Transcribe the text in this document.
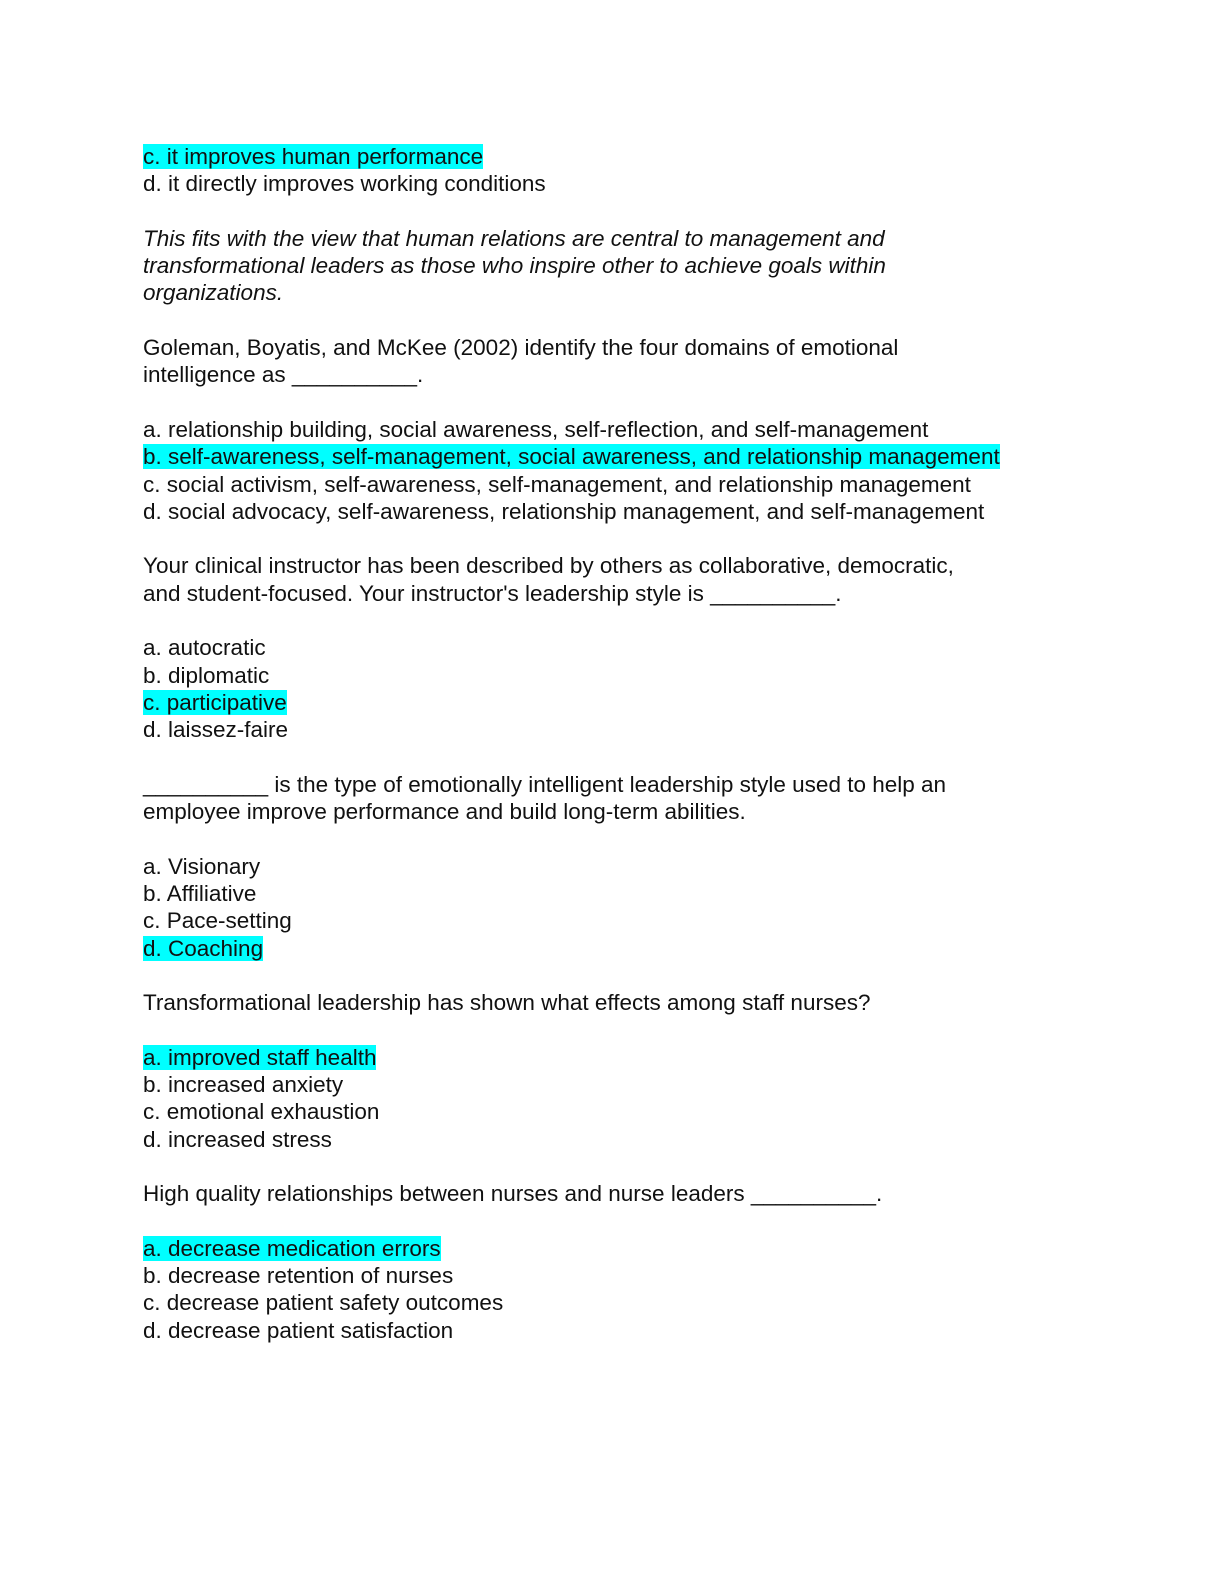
c. it improves human performance
d. it directly improves working conditions
This fits with the view that human relations are central to management and
transformational leaders as those who inspire other to achieve goals within
organizations.
Goleman, Boyatis, and McKee (2002) identify the four domains of emotional
intelligence as __________.
a. relationship building, social awareness, self-reflection, and self-management
b. self-awareness, self-management, social awareness, and relationship management
c. social activism, self-awareness, self-management, and relationship management
d. social advocacy, self-awareness, relationship management, and self-management
Your clinical instructor has been described by others as collaborative, democratic,
and student-focused. Your instructor's leadership style is __________.
a. autocratic
b. diplomatic
c. participative
d. laissez-faire
__________ is the type of emotionally intelligent leadership style used to help an
employee improve performance and build long-term abilities.
a. Visionary
b. Affiliative
c. Pace-setting
d. Coaching
Transformational leadership has shown what effects among staff nurses?
a. improved staff health
b. increased anxiety
c. emotional exhaustion
d. increased stress
High quality relationships between nurses and nurse leaders __________.
a. decrease medication errors
b. decrease retention of nurses
c. decrease patient safety outcomes
d. decrease patient satisfaction
